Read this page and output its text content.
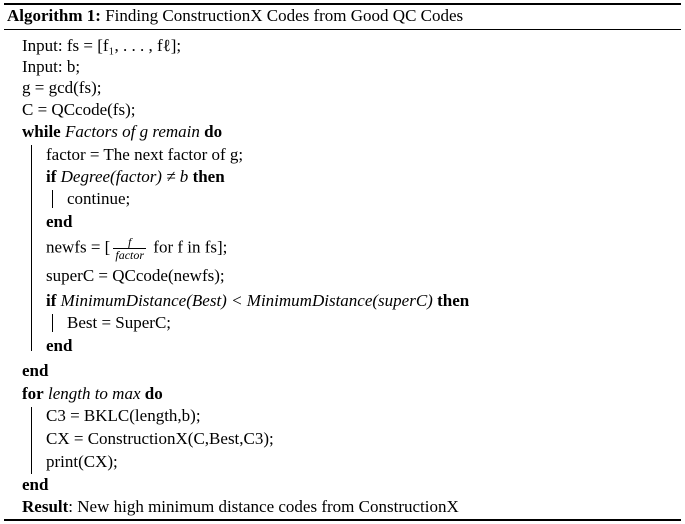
Algorithm 1: Finding ConstructionX Codes from Good QC Codes
Input: fs = [f₁, . . . , fℓ];
Input: b;
g = gcd(fs);
C = QCcode(fs);
while Factors of g remain do
factor = The next factor of g;
if Degree(factor) ≠ b then
continue;
end
newfs = [ $\frac{f}{\text{factor}}$ for f in fs];
superC = QCcode(newfs);
if MinimumDistance(Best) < MinimumDistance(superC) then
Best = SuperC;
end
end
for length to max do
C3 = BKLC(length,b);
CX = ConstructionX(C,Best,C3);
print(CX);
end
Result: New high minimum distance codes from ConstructionX
